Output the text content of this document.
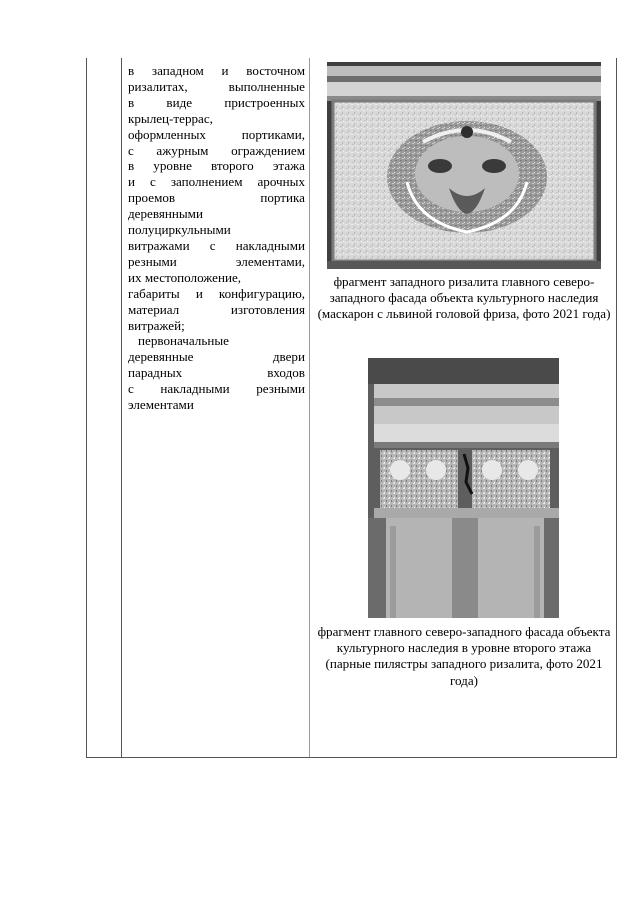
в западном и восточном
ризалитах, выполненные
в виде пристроенных
крылец-террас,
оформленных портиками,
с ажурным ограждением
в уровне второго этажа
и с заполнением арочных
проемов портика
деревянными
полуциркульными
витражами с накладными
резными элементами,
их местоположение,
габариты и конфигурацию,
материал изготовления
витражей;
первоначальные
деревянные двери
парадных входов
с накладными резными
элементами
фрагмент западного ризалита главного северо-западного фасада объекта культурного наследия (маскарон с львиной головой фриза, фото 2021 года)
фрагмент главного северо-западного фасада объекта культурного наследия в уровне второго этажа (парные пилястры западного ризалита, фото 2021 года)
